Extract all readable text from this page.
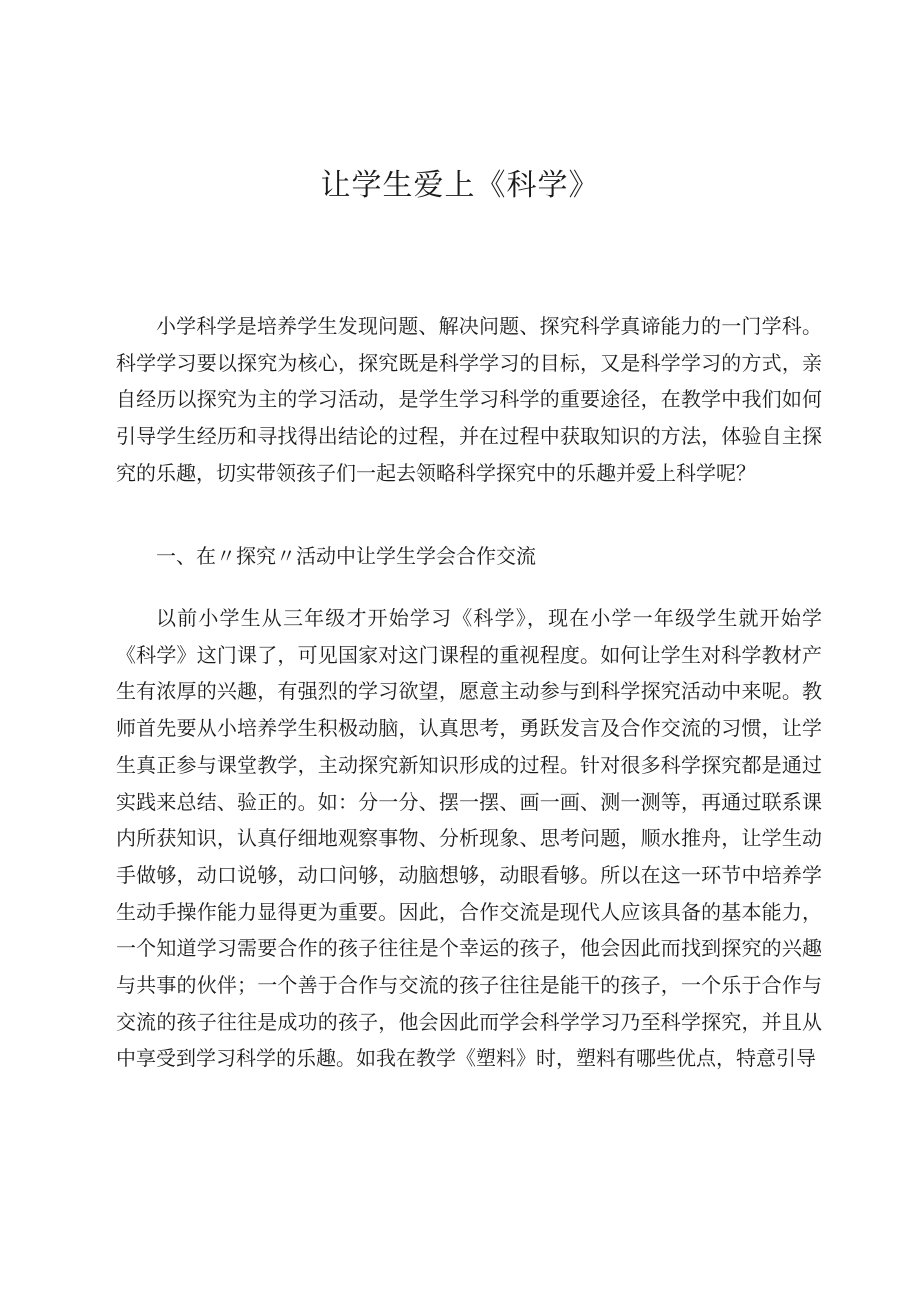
让学生爱上《科学》

小学科学是培养学生发现问题、解决问题、探究科学真谛能力的一门学科。科学学习要以探究为核心，探究既是科学学习的目标，又是科学学习的方式，亲自经历以探究为主的学习活动，是学生学习科学的重要途径，在教学中我们如何引导学生经历和寻找得出结论的过程，并在过程中获取知识的方法，体验自主探究的乐趣，切实带领孩子们一起去领略科学探究中的乐趣并爱上科学呢？

一、在〃探究〃活动中让学生学会合作交流

以前小学生从三年级才开始学习《科学》，现在小学一年级学生就开始学《科学》这门课了，可见国家对这门课程的重视程度。如何让学生对科学教材产生有浓厚的兴趣，有强烈的学习欲望，愿意主动参与到科学探究活动中来呢。教师首先要从小培养学生积极动脑，认真思考，勇跃发言及合作交流的习惯，让学生真正参与课堂教学，主动探究新知识形成的过程。针对很多科学探究都是通过实践来总结、验正的。如：分一分、摆一摆、画一画、测一测等，再通过联系课内所获知识，认真仔细地观察事物、分析现象、思考问题，顺水推舟，让学生动手做够，动口说够，动口问够，动脑想够，动眼看够。所以在这一环节中培养学生动手操作能力显得更为重要。因此，合作交流是现代人应该具备的基本能力，一个知道学习需要合作的孩子往往是个幸运的孩子，他会因此而找到探究的兴趣与共事的伙伴；一个善于合作与交流的孩子往往是能干的孩子，一个乐于合作与交流的孩子往往是成功的孩子，他会因此而学会科学学习乃至科学探究，并且从中享受到学习科学的乐趣。如我在教学《塑料》时，塑料有哪些优点，特意引导
